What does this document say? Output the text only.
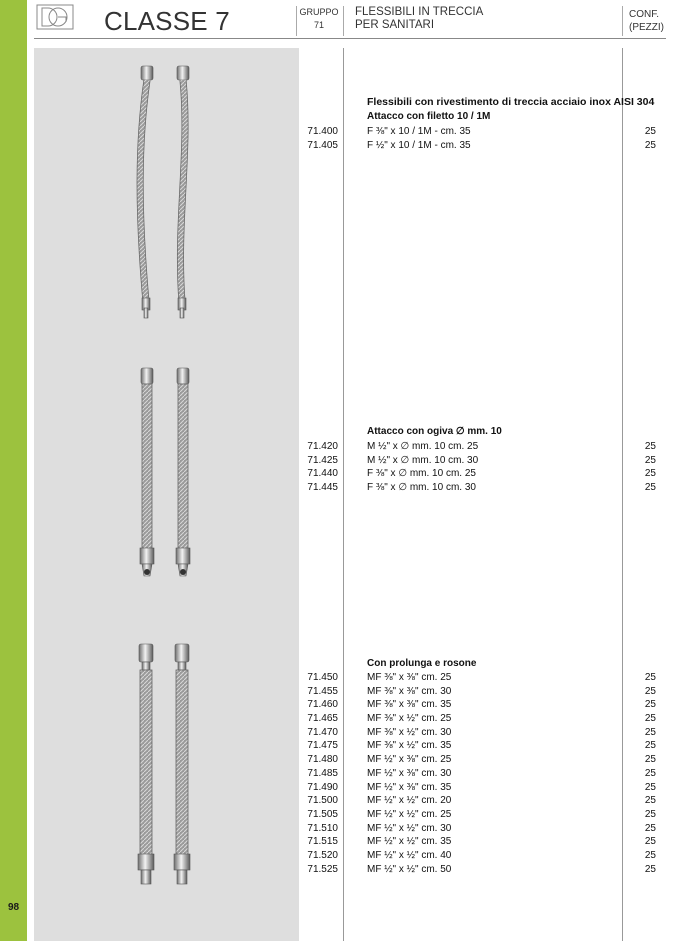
98
CLASSE 7	GRUPPO
71
FLESSIBILI IN TRECCIA
PER SANITARI
CONF.
(PEZZI)
Flessibili con rivestimento di treccia acciaio inox AISI 304
Attacco con filetto 10 / 1M
71.400
71.405
F ⅜" x 10 / 1M - cm. 35
F ½" x 10 / 1M - cm. 35
25
25
Attacco con ogiva ∅ mm. 10
71.420
71.425
71.440
71.445
M ½" x ∅ mm. 10 cm. 25
M ½" x ∅ mm. 10 cm. 30
F ⅜" x ∅ mm. 10 cm. 25
F ⅜" x ∅ mm. 10 cm. 30
25
25
25
25
Con prolunga e rosone
71.450
71.455
71.460
71.465
71.470
71.475
71.480
71.485
71.490
71.500
71.505
71.510
71.515
71.520
71.525
MF ⅜" x ⅜" cm. 25
MF ⅜" x ⅜" cm. 30
MF ⅜" x ⅜" cm. 35
MF ⅜" x ½" cm. 25
MF ⅜" x ½" cm. 30
MF ⅜" x ½" cm. 35
MF ½" x ⅜" cm. 25
MF ½" x ⅜" cm. 30
MF ½" x ⅜" cm. 35
MF ½" x ½" cm. 20
MF ½" x ½" cm. 25
MF ½" x ½" cm. 30
MF ½" x ½" cm. 35
MF ½" x ½" cm. 40
MF ½" x ½" cm. 50
25
25
25
25
25
25
25
25
25
25
25
25
25
25
25
